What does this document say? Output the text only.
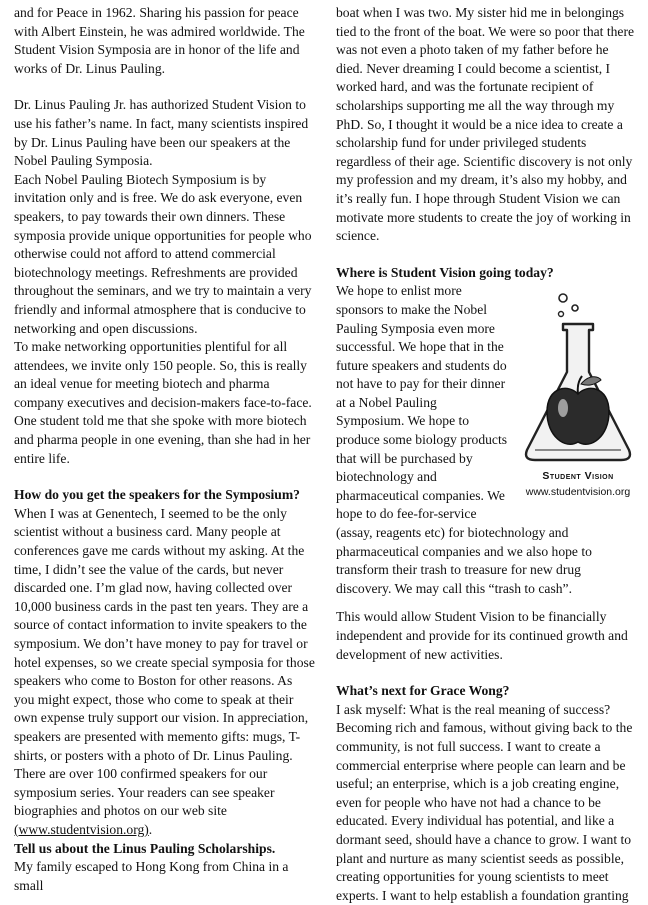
and for Peace in 1962. Sharing his passion for peace with Albert Einstein, he was admired worldwide. The Student Vision Symposia are in honor of the life and works of Dr. Linus Pauling.

Dr. Linus Pauling Jr. has authorized Student Vision to use his father’s name. In fact, many scientists inspired by Dr. Linus Pauling have been our speakers at the Nobel Pauling Symposia.

Each Nobel Pauling Biotech Symposium is by invitation only and is free. We do ask everyone, even speakers, to pay towards their own dinners. These symposia provide unique opportunities for people who otherwise could not afford to attend commercial biotechnology meetings. Refreshments are provided throughout the seminars, and we try to maintain a very friendly and informal atmosphere that is conducive to networking and open discussions.

To make networking opportunities plentiful for all attendees, we invite only 150 people. So, this is really an ideal venue for meeting biotech and pharma company executives and decision-makers face-to-face. One student told me that she spoke with more biotech and pharma people in one evening, than she had in her entire life.

How do you get the speakers for the Symposium?

When I was at Genentech, I seemed to be the only scientist without a business card. Many people at conferences gave me cards without my asking. At the time, I didn’t see the value of the cards, but never discarded one. I’m glad now, having collected over 10,000 business cards in the past ten years. They are a source of contact information to invite speakers to the symposium. We don’t have money to pay for travel or hotel expenses, so we create special symposia for those speakers who come to Boston for other reasons. As you might expect, those who come to speak at their own expense truly support our vision. In appreciation, speakers are presented with memento gifts: mugs, T-shirts, or posters with a photo of Dr. Linus Pauling. There are over 100 confirmed speakers for our symposium series. Your readers can see speaker biographies and photos on our web site (www.studentvision.org).

Tell us about the Linus Pauling Scholarships.

My family escaped to Hong Kong from China in a small

boat when I was two. My sister hid me in belongings tied to the front of the boat. We were so poor that there was not even a photo taken of my father before he died. Never dreaming I could become a scientist, I worked hard, and was the fortunate recipient of scholarships supporting me all the way through my PhD. So, I thought it would be a nice idea to create a scholarship fund for under privileged students regardless of their age. Scientific discovery is not only my profession and my dream, it’s also my hobby, and it’s really fun. I hope through Student Vision we can motivate more students to create the joy of working in science.

Where is Student Vision going today?
Student Vision
www.studentvision.org

We hope to enlist more sponsors to make the Nobel Pauling Symposia even more successful. We hope that in the future speakers and students do not have to pay for their dinner at a Nobel Pauling Symposium. We hope to produce some biology products that will be purchased by biotechnology and pharmaceutical companies. We hope to do fee-for-service (assay, reagents etc) for biotechnology and pharmaceutical companies and we also hope to transform their trash to treasure for new drug discovery. We may call this “trash to cash”.

This would allow Student Vision to be financially independent and provide for its continued growth and development of new activities.

What’s next for Grace Wong?

I ask myself: What is the real meaning of success? Becoming rich and famous, without giving back to the community, is not full success. I want to create a commercial enterprise where people can learn and be useful; an enterprise, which is a job creating engine, even for people who have not had a chance to be educated. Every individual has potential, and like a dormant seed, should have a chance to grow. I want to plant and nurture as many scientist seeds as possible, creating opportunities for young scientists to meet experts. I want to help establish a foundation granting
